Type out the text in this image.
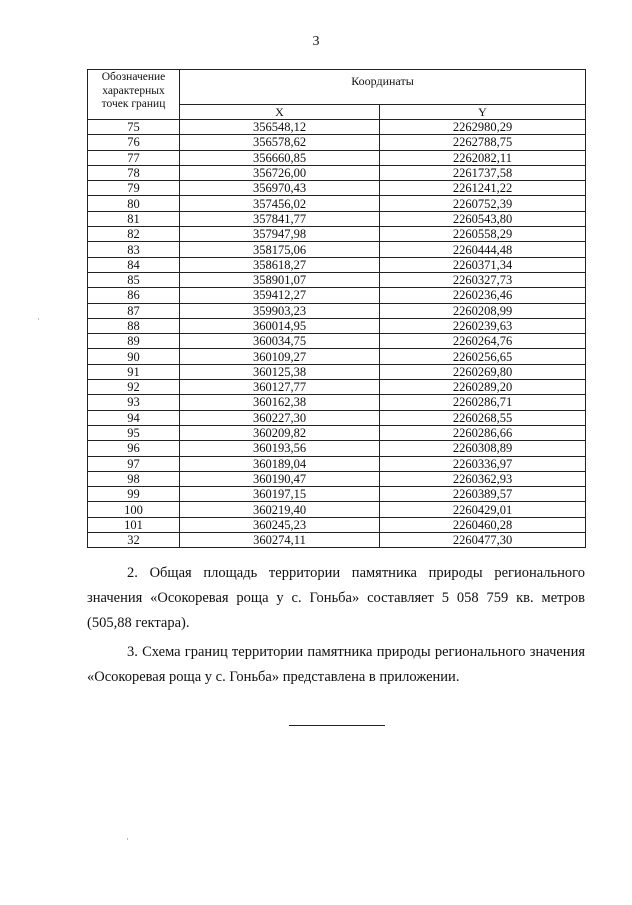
3
Обозначение
характерных
точек границ	Координаты	
	X	Y
75	356548,12	2262980,29
76	356578,62	2262788,75
77	356660,85	2262082,11
78	356726,00	2261737,58
79	356970,43	2261241,22
80	357456,02	2260752,39
81	357841,77	2260543,80
82	357947,98	2260558,29
83	358175,06	2260444,48
84	358618,27	2260371,34
85	358901,07	2260327,73
86	359412,27	2260236,46
87	359903,23	2260208,99
88	360014,95	2260239,63
89	360034,75	2260264,76
90	360109,27	2260256,65
91	360125,38	2260269,80
92	360127,77	2260289,20
93	360162,38	2260286,71
94	360227,30	2260268,55
95	360209,82	2260286,66
96	360193,56	2260308,89
97	360189,04	2260336,97
98	360190,47	2260362,93
99	360197,15	2260389,57
100	360219,40	2260429,01
101	360245,23	2260460,28
32	360274,11	2260477,30
2. Общая площадь территории памятника природы регионального значения «Осокоревая роща у с. Гоньба» составляет 5 058 759 кв. метров (505,88 гектара).
3. Схема границ территории памятника природы регионального значения «Осокоревая роща у с. Гоньба» представлена в приложении.
